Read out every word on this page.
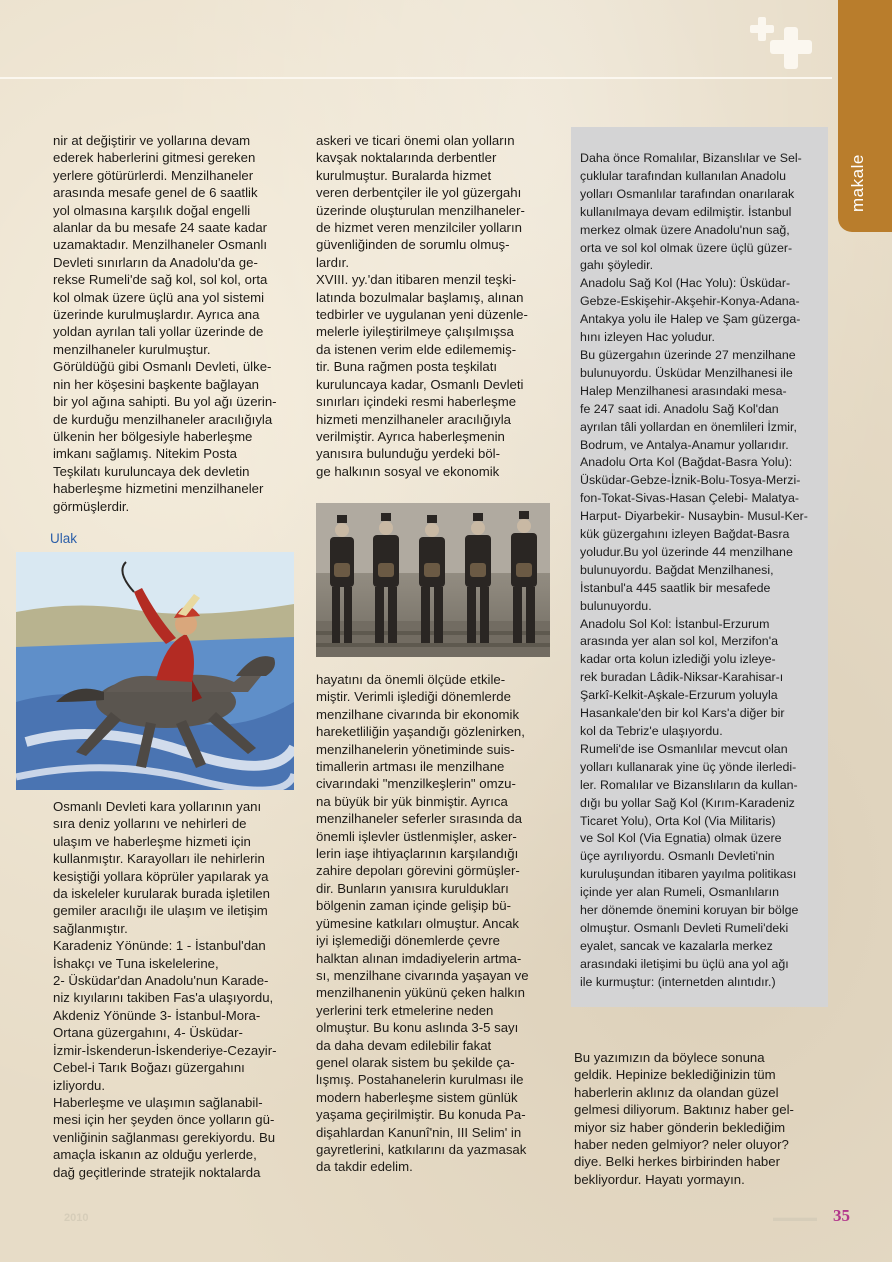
makale

nir at değiştirir ve yollarına devam
ederek haberlerini gitmesi gereken
yerlere götürürlerdi. Menzilhaneler
arasında mesafe genel de 6 saatlik
yol olmasına karşılık doğal engelli
alanlar da bu mesafe 24 saate kadar
uzamaktadır. Menzilhaneler Osmanlı
Devleti sınırların da Anadolu'da ge-
rekse Rumeli'de sağ kol, sol kol, orta
kol olmak üzere üçlü ana yol sistemi
üzerinde kurulmuşlardır. Ayrıca ana
yoldan ayrılan tali yollar üzerinde de
menzilhaneler kurulmuştur.
Görüldüğü gibi Osmanlı Devleti, ülke-
nin her köşesini başkente bağlayan
bir yol ağına sahipti. Bu yol ağı üzerin-
de kurduğu menzilhaneler aracılığıyla
ülkenin her bölgesiyle haberleşme
imkanı sağlamış. Nitekim Posta
Teşkilatı kuruluncaya dek devletin
haberleşme hizmetini menzilhaneler
görmüşlerdir.

Ulak

Osmanlı Devleti kara yollarının yanı
sıra deniz yollarını ve nehirleri de
ulaşım ve haberleşme hizmeti için
kullanmıştır. Karayolları ile nehirlerin
kesiştiği yollara köprüler yapılarak ya
da iskeleler kurularak burada işletilen
gemiler aracılığı ile ulaşım ve iletişim
sağlanmıştır.
Karadeniz Yönünde: 1 - İstanbul'dan
İshakçı ve Tuna iskelelerine,
2- Üsküdar'dan Anadolu'nun Karade-
niz kıyılarını takiben Fas'a ulaşıyordu,
Akdeniz Yönünde 3- İstanbul-Mora-
Ortana güzergahını, 4- Üsküdar-
İzmir-İskenderun-İskenderiye-Cezayir-
Cebel-i Tarık Boğazı güzergahını
izliyordu.
Haberleşme ve ulaşımın sağlanabil-
mesi için her şeyden önce yolların gü-
venliğinin sağlanması gerekiyordu. Bu
amaçla iskanın az olduğu yerlerde,
dağ geçitlerinde stratejik noktalarda

askeri ve ticari önemi olan yolların
kavşak noktalarında derbentler
kurulmuştur. Buralarda hizmet
veren derbentçiler ile yol güzergahı
üzerinde oluşturulan menzilhaneler-
de hizmet veren menzilciler yolların
güvenliğinden de sorumlu olmuş-
lardır.
XVIII. yy.'dan itibaren menzil teşki-
latında bozulmalar başlamış, alınan
tedbirler ve uygulanan yeni düzenle-
melerle iyileştirilmeye çalışılmışsa
da istenen verim elde edilememiş-
tir. Buna rağmen posta teşkilatı
kuruluncaya kadar, Osmanlı Devleti
sınırları içindeki resmi haberleşme
hizmeti menzilhaneler aracılığıyla
verilmiştir. Ayrıca haberleşmenin
yanısıra bulunduğu yerdeki böl-
ge halkının sosyal ve ekonomik

hayatını da önemli ölçüde etkile-
miştir. Verimli işlediği dönemlerde
menzilhane civarında bir ekonomik
hareketliliğin yaşandığı gözlenirken,
menzilhanelerin yönetiminde suis-
timallerin artması ile menzilhane
civarındaki "menzilkeşlerin" omzu-
na büyük bir yük binmiştir. Ayrıca
menzilhaneler seferler sırasında da
önemli işlevler üstlenmişler, asker-
lerin iaşe ihtiyaçlarının karşılandığı
zahire depoları görevini görmüşler-
dir. Bunların yanısıra kuruldukları
bölgenin zaman içinde gelişip bü-
yümesine katkıları olmuştur. Ancak
iyi işlemediği dönemlerde çevre
halktan alınan imdadiyelerin artma-
sı, menzilhane civarında yaşayan ve
menzilhanenin yükünü çeken halkın
yerlerini terk etmelerine neden
olmuştur. Bu konu aslında 3-5 sayı
da daha devam edilebilir fakat
genel olarak sistem bu şekilde ça-
lışmış. Postahanelerin kurulması ile
modern haberleşme sistem günlük
yaşama geçirilmiştir. Bu konuda Pa-
dişahlardan Kanunî'nin, III Selim' in
gayretlerini, katkılarını da yazmasak
da takdir edelim.

Daha önce Romalılar, Bizanslılar ve Sel-
çuklular tarafından kullanılan Anadolu
yolları Osmanlılar tarafından onarılarak
kullanılmaya devam edilmiştir. İstanbul
merkez olmak üzere Anadolu'nun sağ,
orta ve sol kol olmak üzere üçlü güzer-
gahı şöyledir.
Anadolu Sağ Kol (Hac Yolu): Üsküdar-
Gebze-Eskişehir-Akşehir-Konya-Adana-
Antakya yolu ile Halep ve Şam güzerga-
hını izleyen Hac yoludur.
Bu güzergahın üzerinde 27 menzilhane
bulunuyordu. Üsküdar Menzilhanesi ile
Halep Menzilhanesi arasındaki mesa-
fe 247 saat idi. Anadolu Sağ Kol'dan
ayrılan tâli yollardan en önemlileri İzmir,
Bodrum, ve Antalya-Anamur yollarıdır.
Anadolu Orta Kol (Bağdat-Basra Yolu):
Üsküdar-Gebze-İznik-Bolu-Tosya-Merzi-
fon-Tokat-Sivas-Hasan Çelebi- Malatya-
Harput- Diyarbekir- Nusaybin- Musul-Ker-
kük güzergahını izleyen Bağdat-Basra
yoludur.Bu yol üzerinde 44 menzilhane
bulunuyordu. Bağdat Menzilhanesi,
İstanbul'a 445 saatlik bir mesafede
bulunuyordu.
Anadolu Sol Kol: İstanbul-Erzurum
arasında yer alan sol kol, Merzifon'a
kadar orta kolun izlediği yolu izleye-
rek buradan Lâdik-Niksar-Karahisar-ı
Şarkî-Kelkit-Aşkale-Erzurum yoluyla
Hasankale'den bir kol Kars'a diğer bir
kol da Tebriz'e ulaşıyordu.
Rumeli'de ise Osmanlılar mevcut olan
yolları kullanarak yine üç yönde ilerledi-
ler. Romalılar ve Bizanslıların da kullan-
dığı bu yollar Sağ Kol (Kırım-Karadeniz
Ticaret Yolu), Orta Kol (Via Militaris)
ve Sol Kol (Via Egnatia) olmak üzere
üçe ayrılıyordu. Osmanlı Devleti'nin
kuruluşundan itibaren yayılma politikası
içinde yer alan Rumeli, Osmanlıların
her dönemde önemini koruyan bir bölge
olmuştur. Osmanlı Devleti Rumeli'deki
eyalet, sancak ve kazalarla merkez
arasındaki iletişimi bu üçlü ana yol ağı
ile kurmuştur: (internetden alıntıdır.)

Bu yazımızın da böylece sonuna
geldik. Hepinize beklediğinizin tüm
haberlerin aklınız da olandan güzel
gelmesi diliyorum. Baktınız haber gel-
miyor siz haber gönderin beklediğim
haber neden gelmiyor? neler oluyor?
diye. Belki herkes birbirinden haber
bekliyordur. Hayatı yormayın.

2010	▬▬▬▬ 35
